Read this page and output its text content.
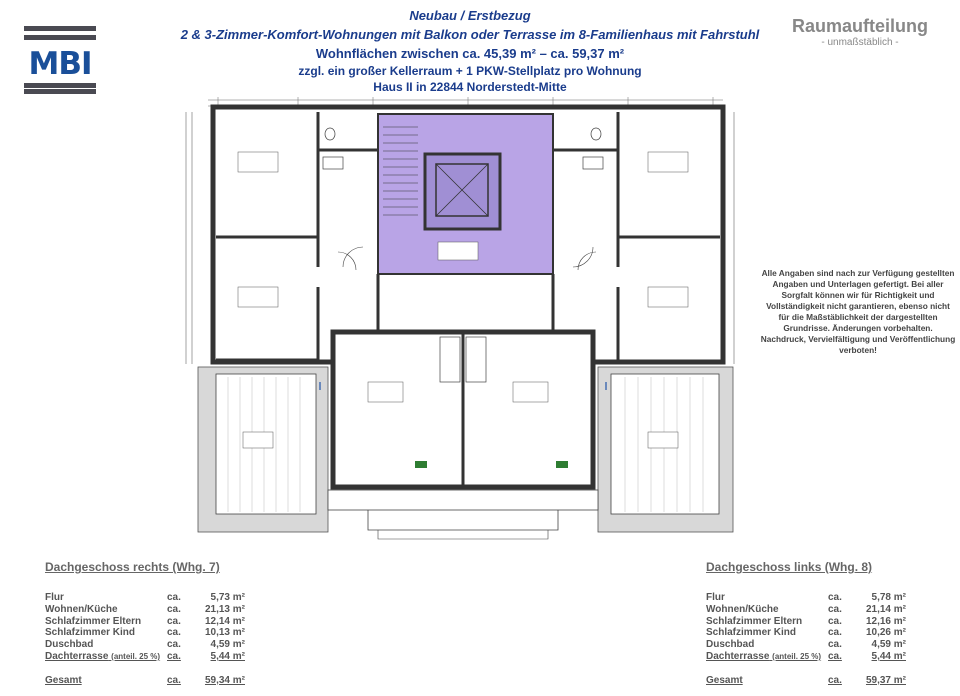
MBI
Neubau / Erstbezug
2 & 3-Zimmer-Komfort-Wohnungen mit Balkon oder Terrasse im 8-Familienhaus mit Fahrstuhl
Wohnflächen zwischen ca. 45,39 m² – ca. 59,37 m²
zzgl. ein großer Kellerraum + 1 PKW-Stellplatz pro Wohnung
Haus II in 22844 Norderstedt-Mitte
Raumaufteilung
- unmaßstäblich -
Alle Angaben sind nach zur Verfügung gestellten Angaben und Unterlagen gefertigt. Bei aller Sorgfalt können wir für Richtigkeit und Vollständigkeit nicht garantieren, ebenso nicht für die Maßstäblichkeit der dargestellten Grundrisse. Änderungen vorbehalten. Nachdruck, Vervielfältigung und Veröffentlichung verboten!
Dachgeschoss rechts (Whg. 7)
Flur	ca.	5,73 m²
Wohnen/Küche	ca.	21,13 m²
Schlafzimmer Eltern	ca.	12,14 m²
Schlafzimmer Kind	ca.	10,13 m²
Duschbad	ca.	4,59 m²
Dachterrasse (anteil. 25 %) ca.	5,44 m²
Gesamt	ca.	59,34 m²
Dachgeschoss links (Whg. 8)
Flur	ca.	5,78 m²
Wohnen/Küche	ca.	21,14 m²
Schlafzimmer Eltern	ca.	12,16 m²
Schlafzimmer Kind	ca.	10,26 m²
Duschbad	ca.	4,59 m²
Dachterrasse (anteil. 25 %) ca.	5,44 m²
Gesamt	ca.	59,37 m²
